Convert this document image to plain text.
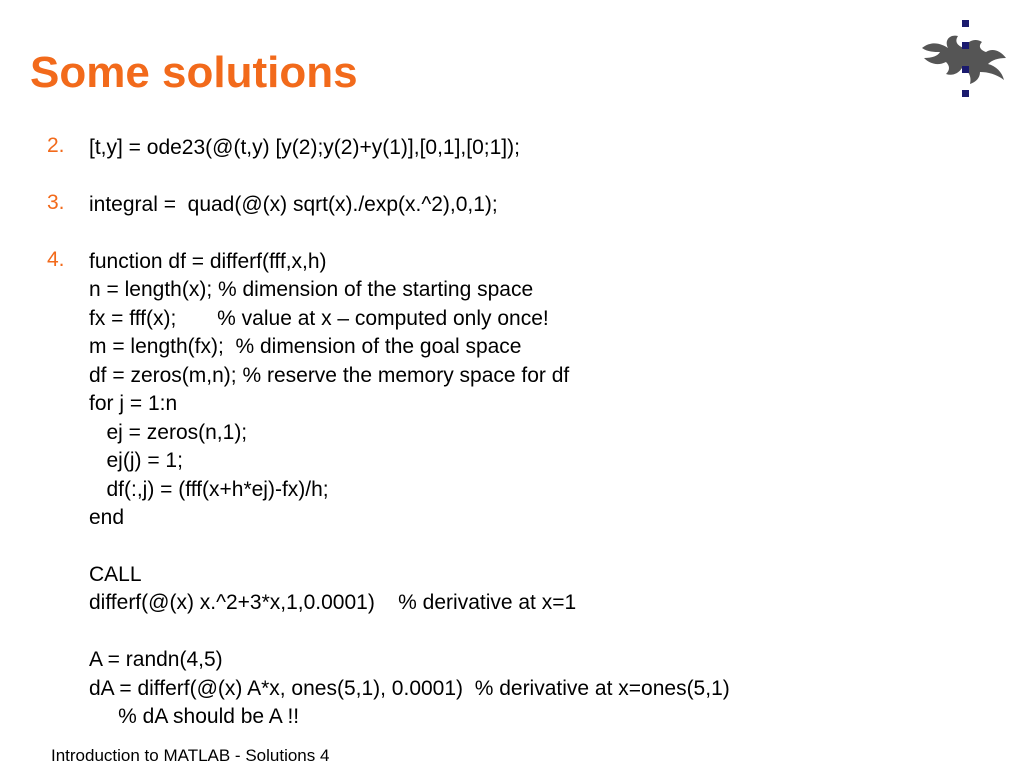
Some solutions
2. [t,y] = ode23(@(t,y) [y(2);y(2)+y(1)],[0,1],[0;1]);
3. integral =  quad(@(x) sqrt(x)./exp(x.^2),0,1);
4. function df = differf(fff,x,h)
n = length(x); % dimension of the starting space
fx = fff(x);       % value at x – computed only once!
m = length(fx);  % dimension of the goal space
df = zeros(m,n); % reserve the memory space for df
for j = 1:n
ej = zeros(n,1);
ej(j) = 1;
df(:,j) = (fff(x+h*ej)-fx)/h;
end
CALL
differf(@(x) x.^2+3*x,1,0.0001)    % derivative at x=1
A = randn(4,5)
dA = differf(@(x) A*x, ones(5,1), 0.0001)  % derivative at x=ones(5,1)
% dA should be A !!
Introduction to MATLAB - Solutions 4
